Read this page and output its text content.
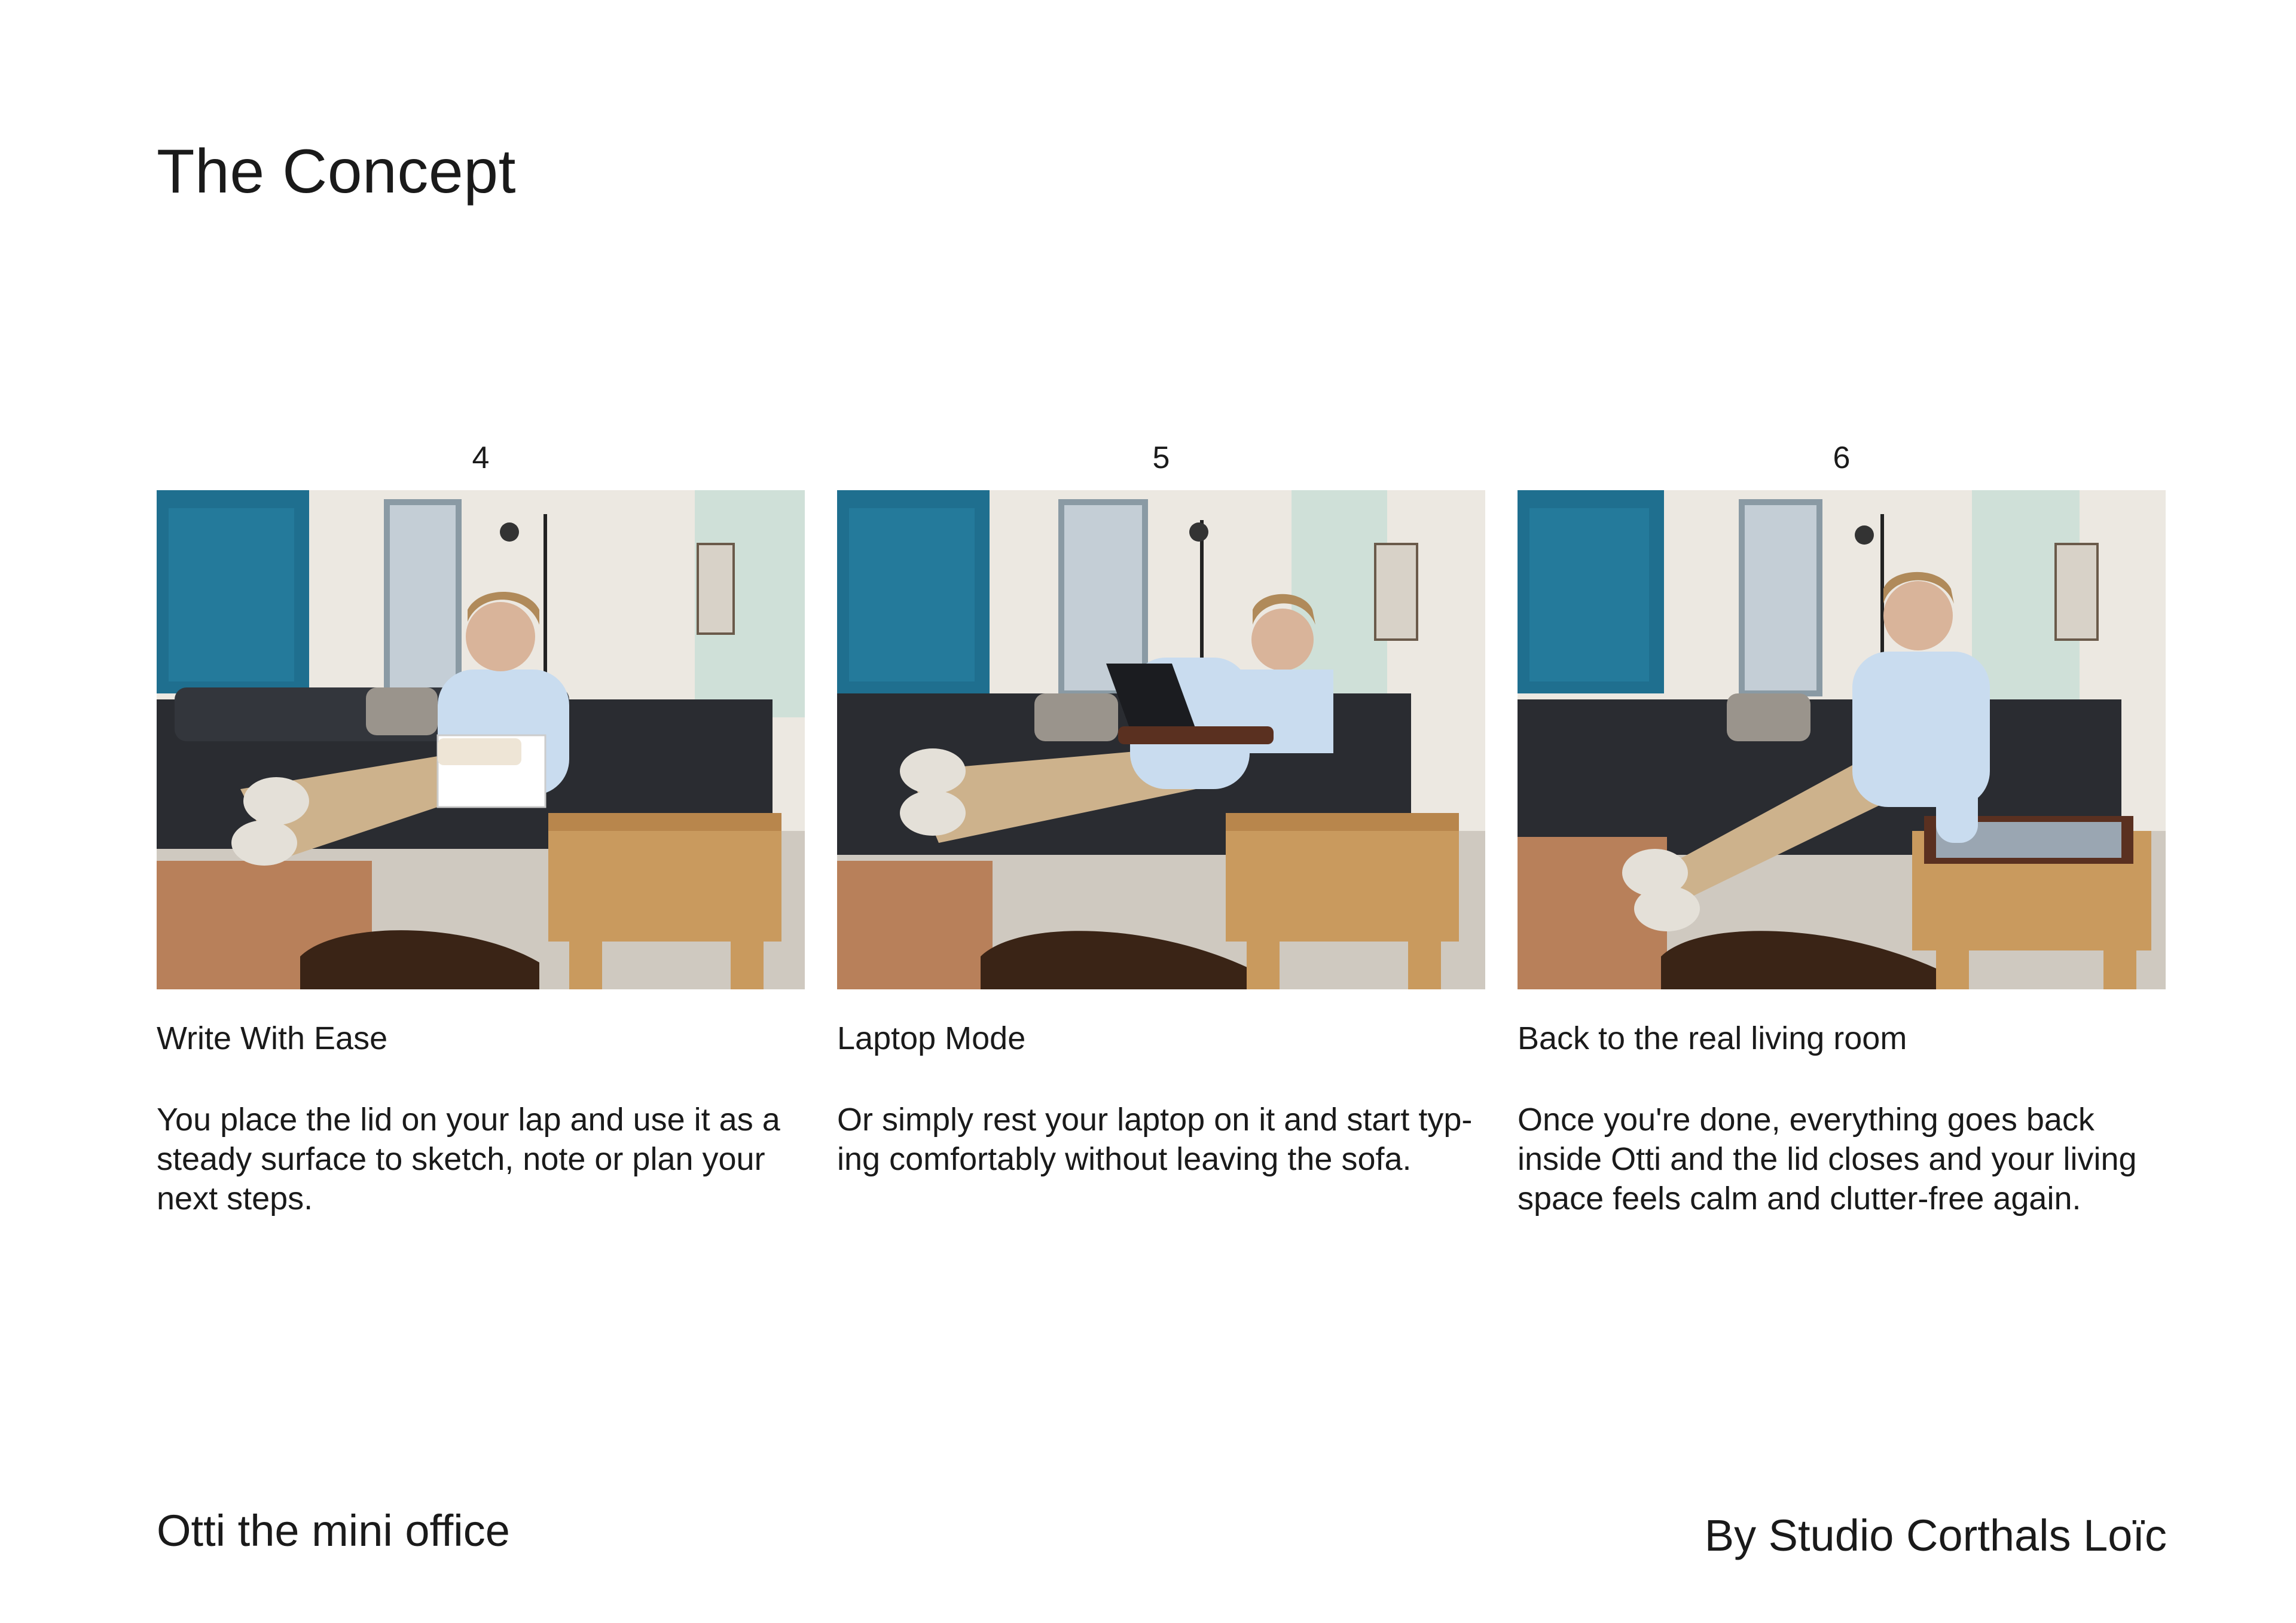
The Concept
4
Write With Ease
You place the lid on your lap and use it as a steady surface to sketch, note or plan your next steps.
5
Laptop Mode
Or simply rest your laptop on it and start typ-ing comfortably without leaving the sofa.
6
Back to the real living room
Once you're done, everything goes back inside Otti and the lid closes and your living space feels calm and clutter-free again.
Otti the mini office	By Studio Corthals Loïc
